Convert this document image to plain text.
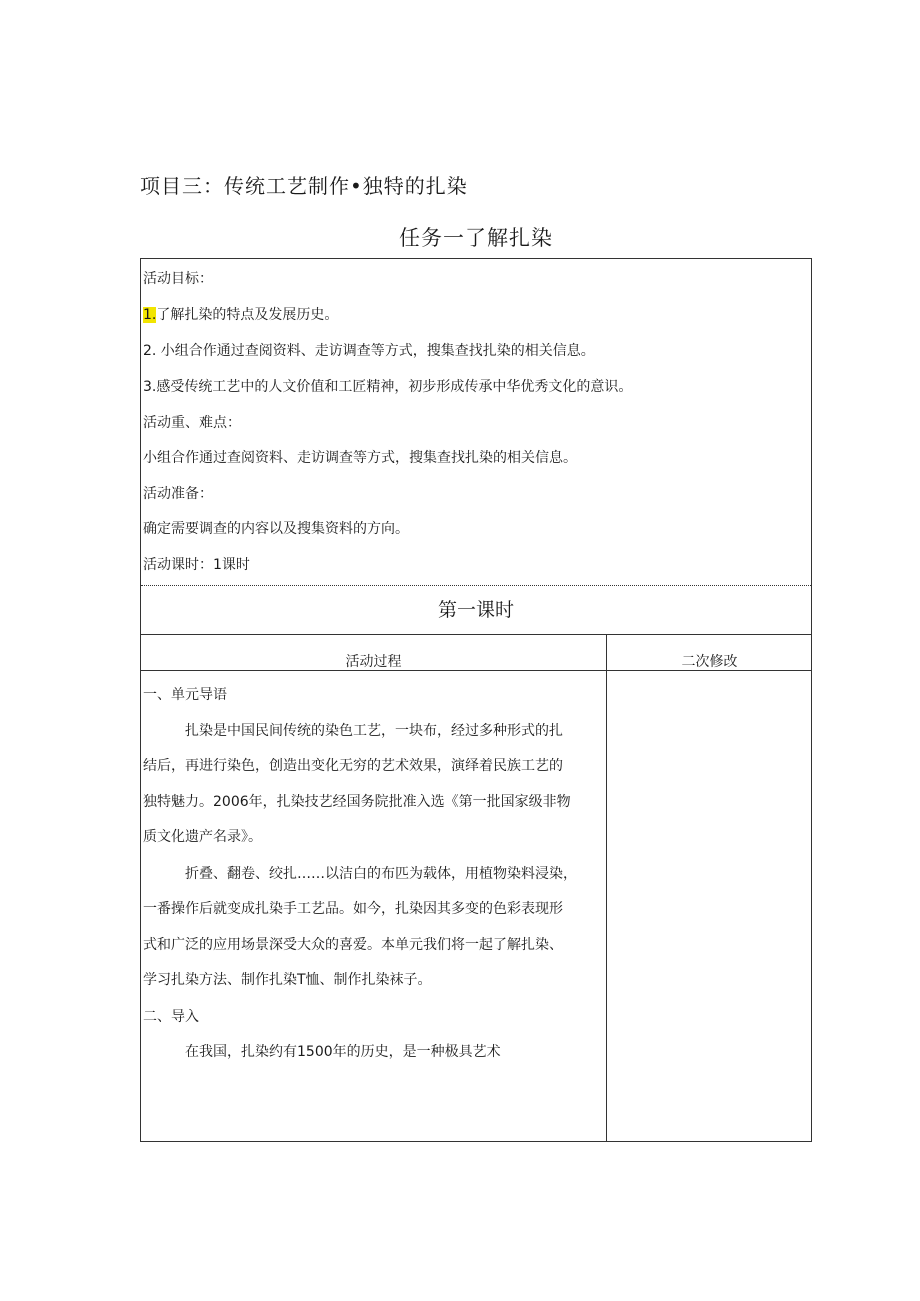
项目三：传统工艺制作•独特的扎染
任务一了解扎染
活动目标：
1.了解扎染的特点及发展历史。
2. 小组合作通过查阅资料、走访调查等方式，搜集查找扎染的相关信息。
3.感受传统工艺中的人文价值和工匠精神，初步形成传承中华优秀文化的意识。
活动重、难点：
小组合作通过查阅资料、走访调查等方式，搜集查找扎染的相关信息。
活动准备：
确定需要调查的内容以及搜集资料的方向。
活动课时：1课时
第一课时
活动过程	二次修改
一、单元导语
扎染是中国民间传统的染色工艺，一块布，经过多种形式的扎
结后，再进行染色，创造出变化无穷的艺术效果，演绎着民族工艺的
独特魅力。2006年，扎染技艺经国务院批准入选《第一批国家级非物
质文化遗产名录》。
折叠、翻卷、绞扎……以洁白的布匹为载体，用植物染料浸染，
一番操作后就变成扎染手工艺品。如今，扎染因其多变的色彩表现形
式和广泛的应用场景深受大众的喜爱。本单元我们将一起了解扎染、
学习扎染方法、制作扎染T恤、制作扎染袜子。
二、导入
在我国，扎染约有1500年的历史，是一种极具艺术
